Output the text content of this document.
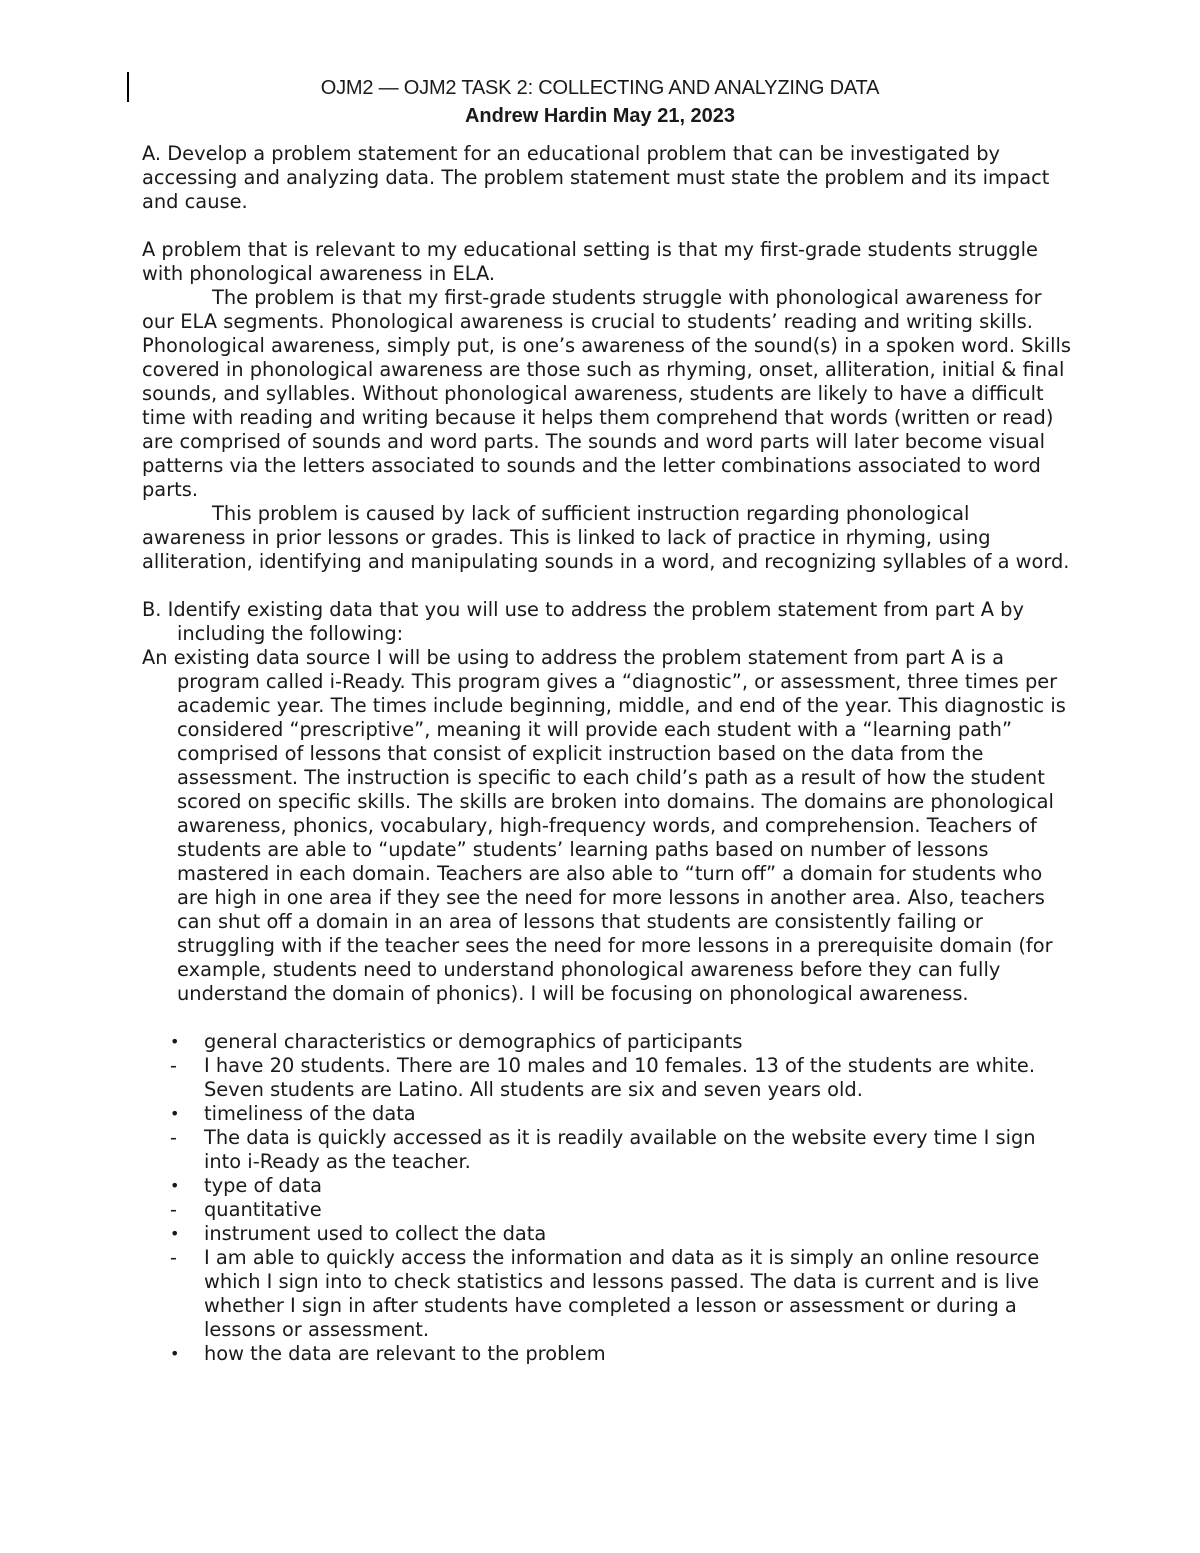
OJM2 — OJM2 TASK 2: COLLECTING AND ANALYZING DATA
Andrew Hardin May 21, 2023

A. Develop a problem statement for an educational problem that can be investigated by accessing and analyzing data. The problem statement must state the problem and its impact and cause.

A problem that is relevant to my educational setting is that my first-grade students struggle with phonological awareness in ELA.

The problem is that my first-grade students struggle with phonological awareness for our ELA segments. Phonological awareness is crucial to students’ reading and writing skills. Phonological awareness, simply put, is one’s awareness of the sound(s) in a spoken word. Skills covered in phonological awareness are those such as rhyming, onset, alliteration, initial & final sounds, and syllables. Without phonological awareness, students are likely to have a difficult time with reading and writing because it helps them comprehend that words (written or read) are comprised of sounds and word parts. The sounds and word parts will later become visual patterns via the letters associated to sounds and the letter combinations associated to word parts.

This problem is caused by lack of sufficient instruction regarding phonological awareness in prior lessons or grades. This is linked to lack of practice in rhyming, using alliteration, identifying and manipulating sounds in a word, and recognizing syllables of a word.

B. Identify existing data that you will use to address the problem statement from part A by including the following:

An existing data source I will be using to address the problem statement from part A is a program called i-Ready. This program gives a “diagnostic”, or assessment, three times per academic year. The times include beginning, middle, and end of the year. This diagnostic is considered “prescriptive”, meaning it will provide each student with a “learning path” comprised of lessons that consist of explicit instruction based on the data from the assessment. The instruction is specific to each child’s path as a result of how the student scored on specific skills. The skills are broken into domains. The domains are phonological awareness, phonics, vocabulary, high-frequency words, and comprehension. Teachers of students are able to “update” students’ learning paths based on number of lessons mastered in each domain. Teachers are also able to “turn off” a domain for students who are high in one area if they see the need for more lessons in another area. Also, teachers can shut off a domain in an area of lessons that students are consistently failing or struggling with if the teacher sees the need for more lessons in a prerequisite domain (for example, students need to understand phonological awareness before they can fully understand the domain of phonics). I will be focusing on phonological awareness.

•	general characteristics or demographics of participants
-	I have 20 students. There are 10 males and 10 females. 13 of the students are white. Seven students are Latino. All students are six and seven years old.
•	timeliness of the data
-	The data is quickly accessed as it is readily available on the website every time I sign into i-Ready as the teacher.
•	type of data
-	quantitative
•	instrument used to collect the data
-	I am able to quickly access the information and data as it is simply an online resource which I sign into to check statistics and lessons passed. The data is current and is live whether I sign in after students have completed a lesson or assessment or during a lessons or assessment.
•	how the data are relevant to the problem
